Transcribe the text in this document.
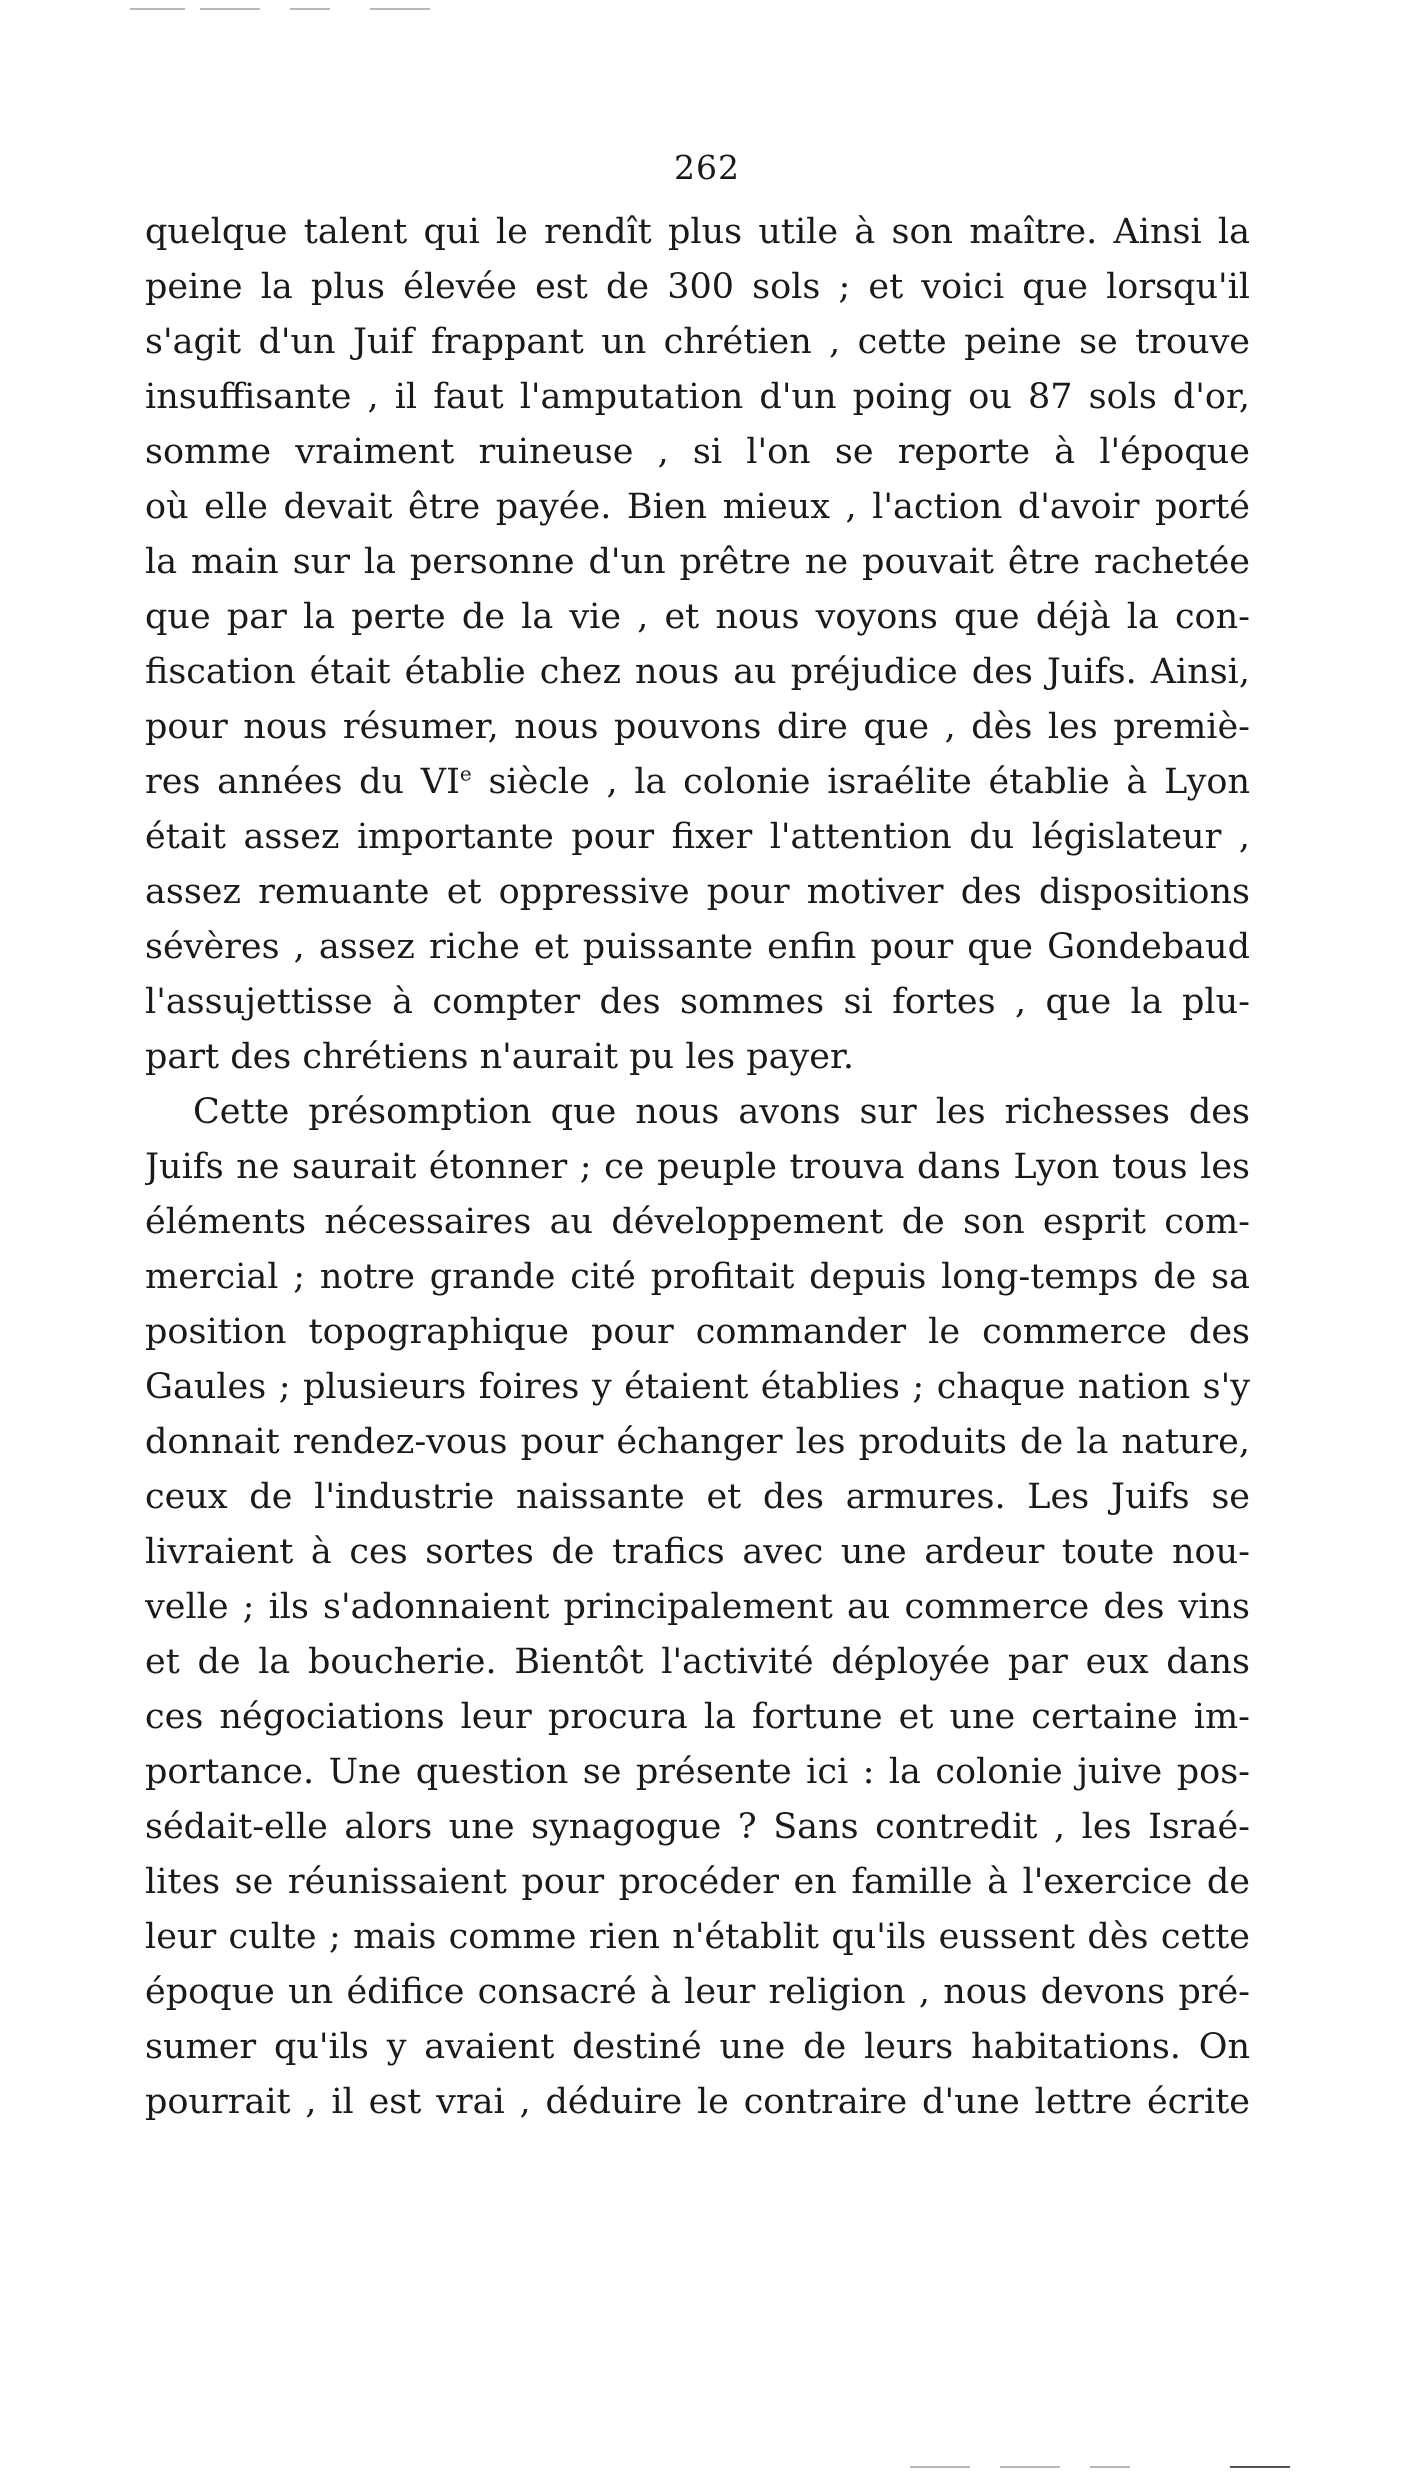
262
quelque talent qui le rendît plus utile à son maître. Ainsi la
peine la plus élevée est de 300 sols ; et voici que lorsqu'il
s'agit d'un Juif frappant un chrétien , cette peine se trouve
insuffisante , il faut l'amputation d'un poing ou 87 sols d'or,
somme vraiment ruineuse , si l'on se reporte à l'époque
où elle devait être payée. Bien mieux , l'action d'avoir porté
la main sur la personne d'un prêtre ne pouvait être rachetée
que par la perte de la vie , et nous voyons que déjà la con-
fiscation était établie chez nous au préjudice des Juifs. Ainsi,
pour nous résumer, nous pouvons dire que , dès les premiè-
res années du VIe siècle , la colonie israélite établie à Lyon
était assez importante pour fixer l'attention du législateur ,
assez remuante et oppressive pour motiver des dispositions
sévères , assez riche et puissante enfin pour que Gondebaud
l'assujettisse à compter des sommes si fortes , que la plu-
part des chrétiens n'aurait pu les payer.
Cette présomption que nous avons sur les richesses des
Juifs ne saurait étonner ; ce peuple trouva dans Lyon tous les
éléments nécessaires au développement de son esprit com-
mercial ; notre grande cité profitait depuis long-temps de sa
position topographique pour commander le commerce des
Gaules ; plusieurs foires y étaient établies ; chaque nation s'y
donnait rendez-vous pour échanger les produits de la nature,
ceux de l'industrie naissante et des armures. Les Juifs se
livraient à ces sortes de trafics avec une ardeur toute nou-
velle ; ils s'adonnaient principalement au commerce des vins
et de la boucherie. Bientôt l'activité déployée par eux dans
ces négociations leur procura la fortune et une certaine im-
portance. Une question se présente ici : la colonie juive pos-
sédait-elle alors une synagogue ? Sans contredit , les Israé-
lites se réunissaient pour procéder en famille à l'exercice de
leur culte ; mais comme rien n'établit qu'ils eussent dès cette
époque un édifice consacré à leur religion , nous devons pré-
sumer qu'ils y avaient destiné une de leurs habitations. On
pourrait , il est vrai , déduire le contraire d'une lettre écrite
